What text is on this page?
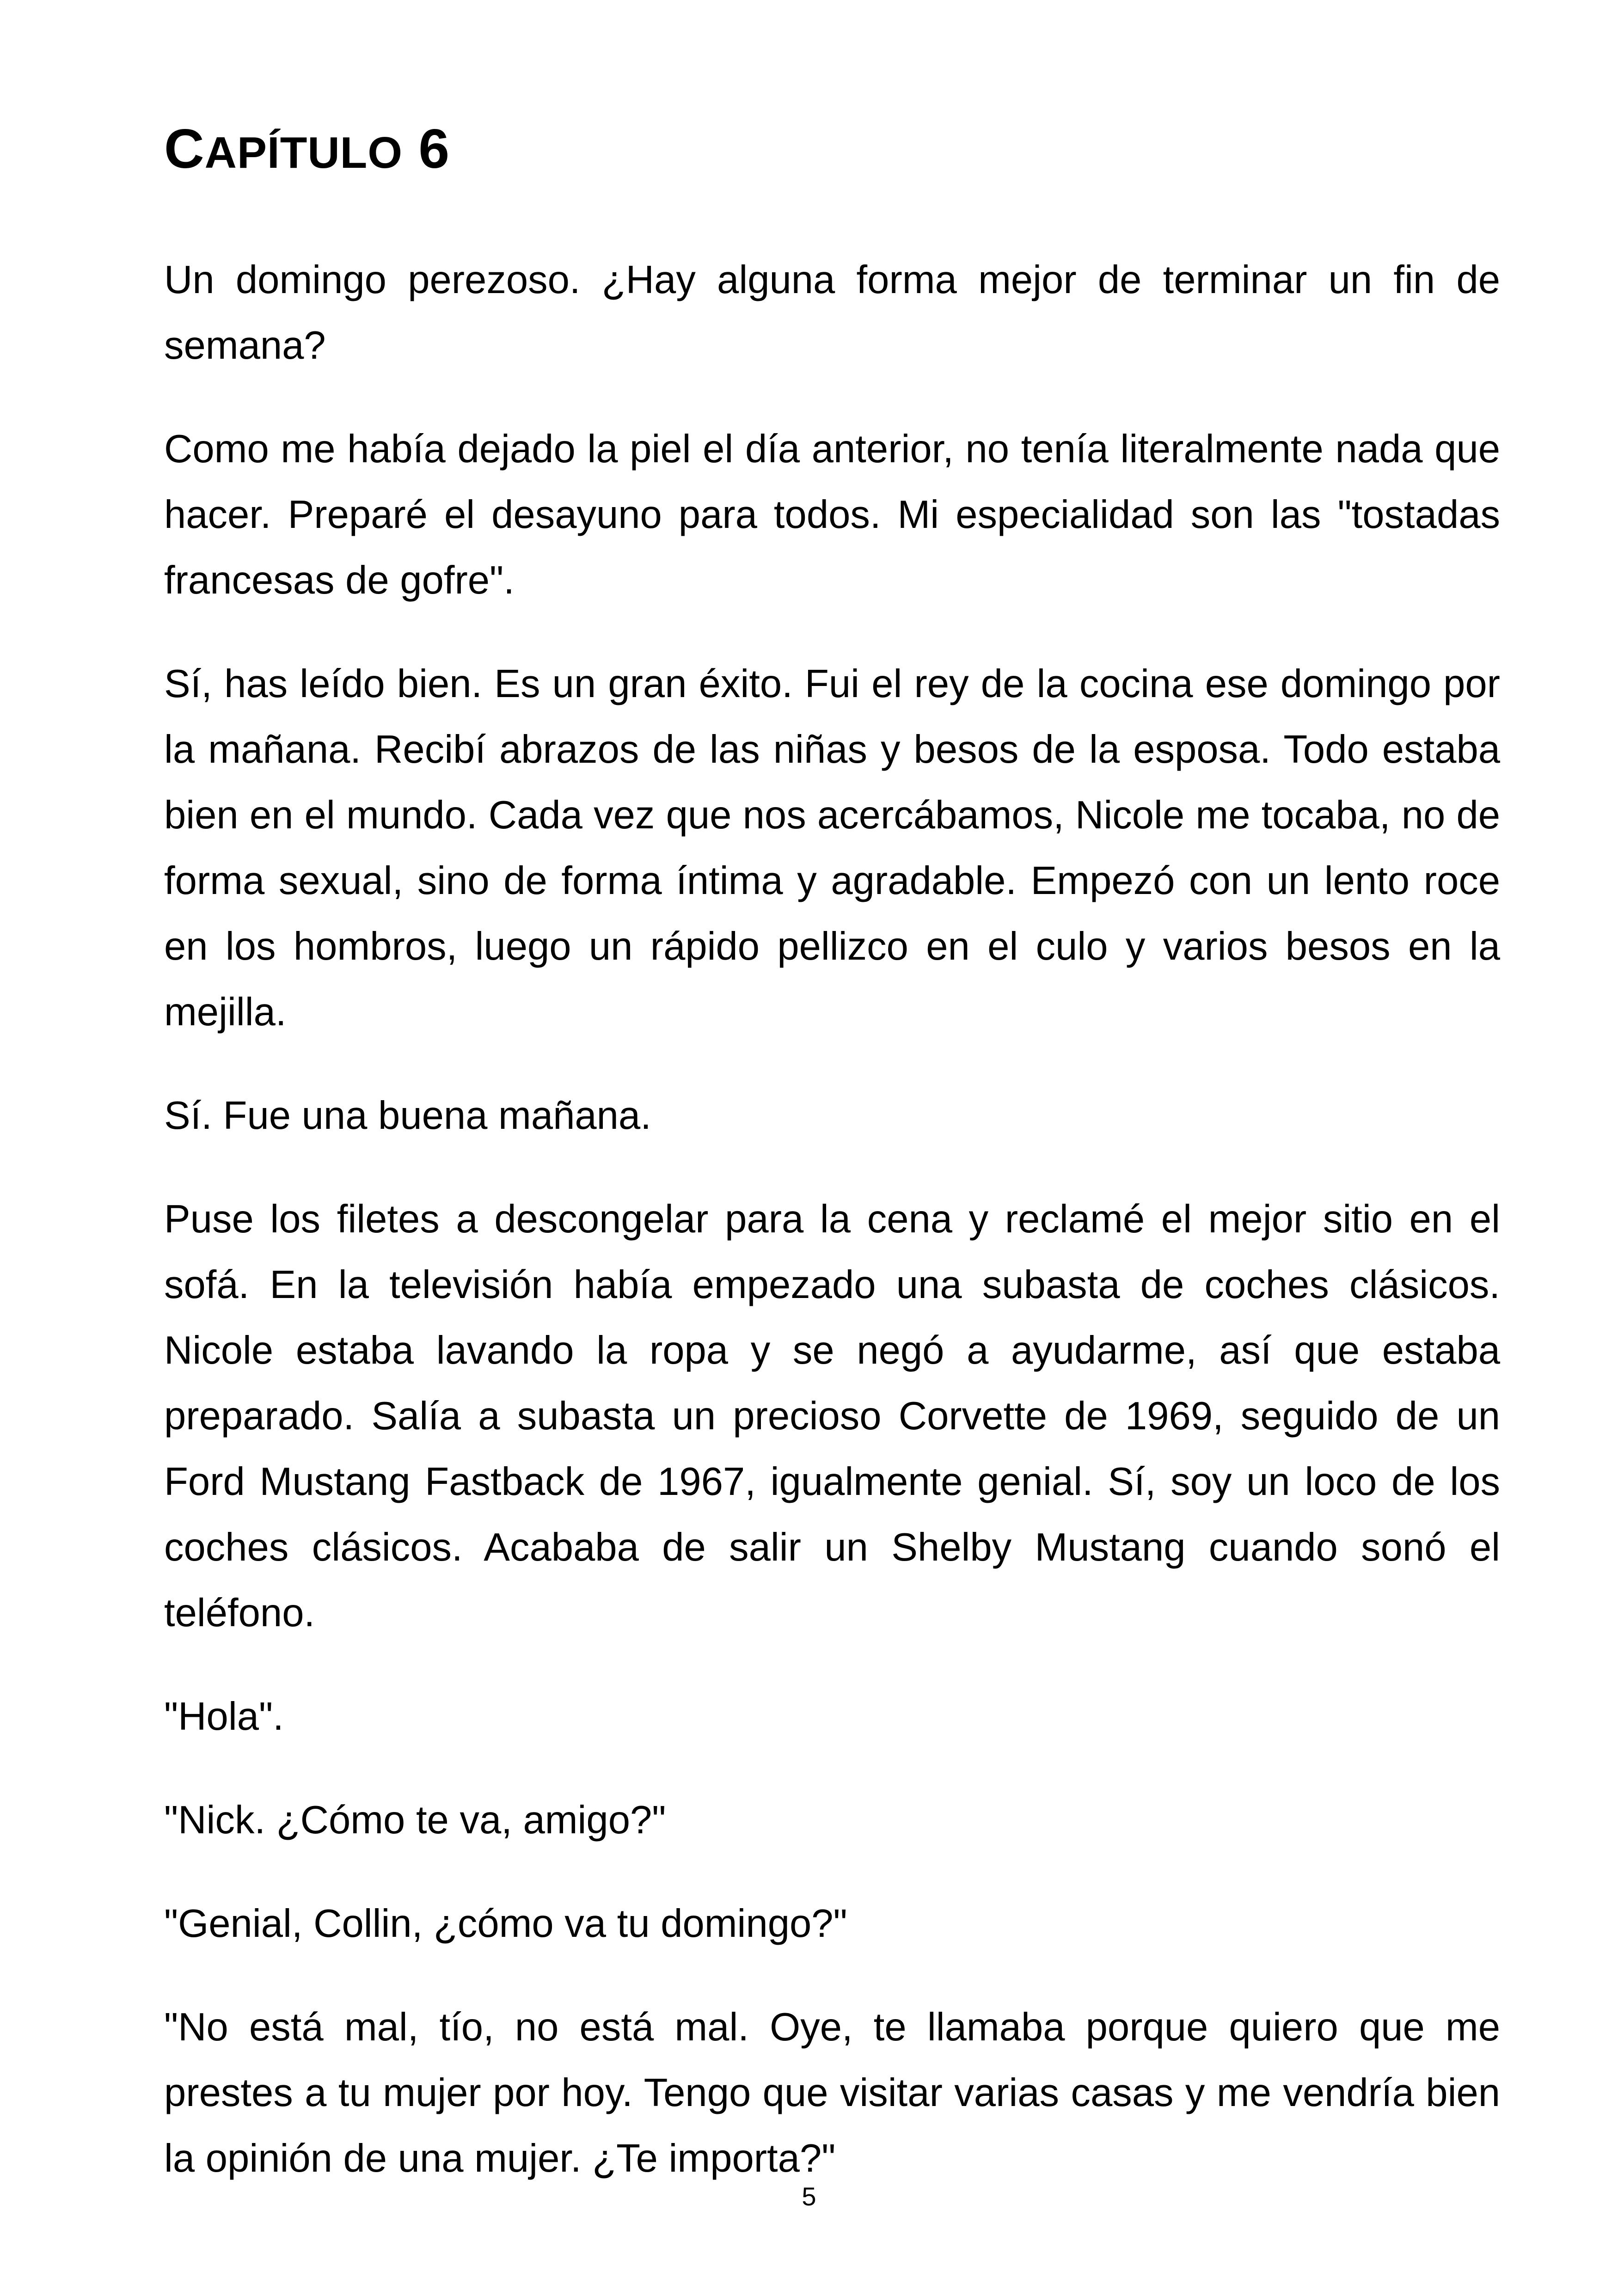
CAPÍTULO 6

Un domingo perezoso. ¿Hay alguna forma mejor de terminar un fin de semana?

Como me había dejado la piel el día anterior, no tenía literalmente nada que hacer. Preparé el desayuno para todos. Mi especialidad son las "tostadas francesas de gofre".

Sí, has leído bien. Es un gran éxito. Fui el rey de la cocina ese domingo por la mañana. Recibí abrazos de las niñas y besos de la esposa. Todo estaba bien en el mundo. Cada vez que nos acercábamos, Nicole me tocaba, no de forma sexual, sino de forma íntima y agradable. Empezó con un lento roce en los hombros, luego un rápido pellizco en el culo y varios besos en la mejilla.

Sí. Fue una buena mañana.

Puse los filetes a descongelar para la cena y reclamé el mejor sitio en el sofá. En la televisión había empezado una subasta de coches clásicos. Nicole estaba lavando la ropa y se negó a ayudarme, así que estaba preparado. Salía a subasta un precioso Corvette de 1969, seguido de un Ford Mustang Fastback de 1967, igualmente genial. Sí, soy un loco de los coches clásicos. Acababa de salir un Shelby Mustang cuando sonó el teléfono.

"Hola".

"Nick. ¿Cómo te va, amigo?"

"Genial, Collin, ¿cómo va tu domingo?"

"No está mal, tío, no está mal. Oye, te llamaba porque quiero que me prestes a tu mujer por hoy. Tengo que visitar varias casas y me vendría bien la opinión de una mujer. ¿Te importa?"

5
